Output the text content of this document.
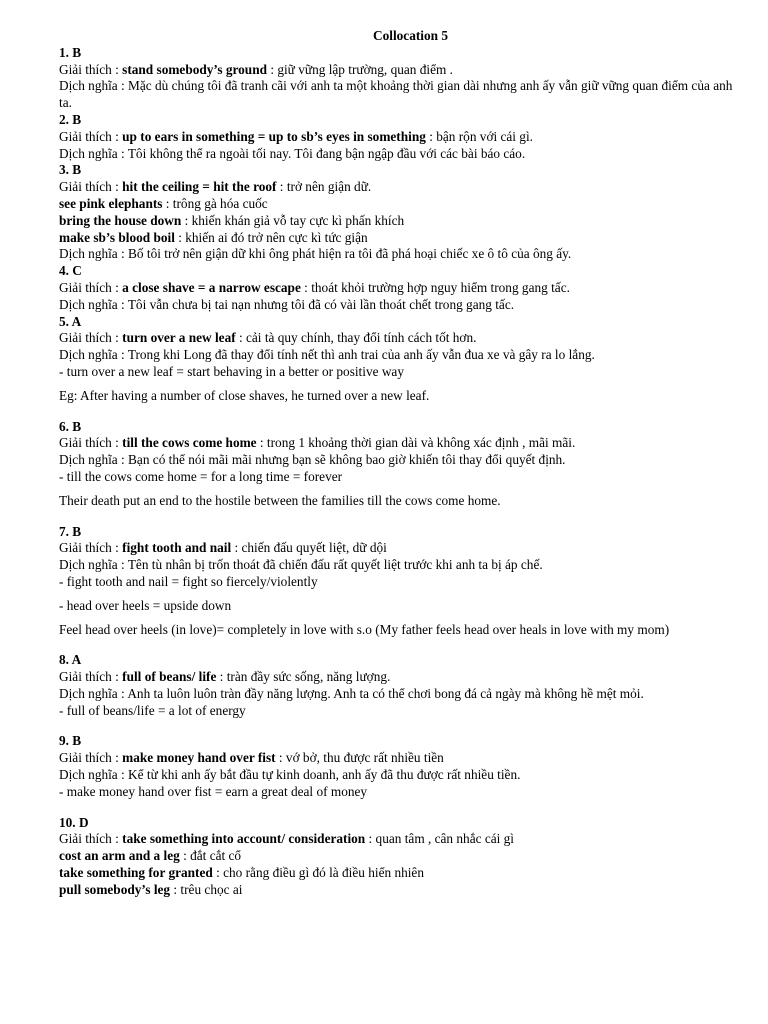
Collocation 5
1. B
Giải thích : stand somebody’s ground : giữ vững lập trường, quan điểm .
Dịch nghĩa : Mặc dù chúng tôi đã tranh cãi với anh ta một khoảng thời gian dài nhưng anh ấy vẫn giữ vững quan điểm của anh ta.
2. B
Giải thích : up to ears in something = up to sb’s eyes in something : bận rộn với cái gì.
Dịch nghĩa : Tôi không thể ra ngoài tối nay. Tôi đang bận ngập đầu với các bài báo cáo.
3. B
Giải thích : hit the ceiling = hit the roof : trở nên giận dữ.
see pink elephants : trông gà hóa cuốc
bring the house down : khiến khán giả vỗ tay cực kì phấn khích
make sb’s blood boil : khiến ai đó trở nên cực kì tức giận
Dịch nghĩa : Bố tôi trở nên giận dữ khi ông phát hiện ra tôi đã phá hoại chiếc xe ô tô của ông ấy.
4. C
Giải thích : a close shave = a narrow escape : thoát khỏi trường hợp nguy hiểm trong gang tấc.
Dịch nghĩa : Tôi vẫn chưa bị tai nạn nhưng tôi đã có vài lần thoát chết trong gang tấc.
5. A
Giải thích : turn over a new leaf : cải tà quy chính, thay đổi tính cách tốt hơn.
Dịch nghĩa : Trong khi Long đã thay đổi tính nết thì anh trai của anh ấy vẫn đua xe và gây ra lo lắng.
- turn over a new leaf = start behaving in a better or positive way
Eg: After having a number of close shaves, he turned over a new leaf.
6. B
Giải thích : till the cows come home : trong 1 khoảng thời gian dài và không xác định , mãi mãi.
Dịch nghĩa : Bạn có thể nói mãi mãi nhưng bạn sẽ không bao giờ khiến tôi thay đổi quyết định.
- till the cows come home = for a long time = forever
Their death put an end to the hostile between the families till the cows come home.
7. B
Giải thích : fight tooth and nail : chiến đấu quyết liệt, dữ dội
Dịch nghĩa : Tên tù nhân bị trốn thoát đã chiến đấu rất quyết liệt trước khi anh ta bị áp chế.
- fight tooth and nail = fight so fiercely/violently
- head over heels = upside down
Feel head over heels (in love)= completely in love with s.o (My father feels head over heals in love with my mom)
8. A
Giải thích : full of beans/ life : tràn đầy sức sống, năng lượng.
Dịch nghĩa : Anh ta luôn luôn tràn đầy năng lượng. Anh ta có thể chơi bong đá cả ngày mà không hề mệt mỏi.
- full of beans/life = a lot of energy
9. B
Giải thích : make money hand over fist : vớ bở, thu được rất nhiều tiền
Dịch nghĩa : Kể từ khi anh ấy bắt đầu tự kinh doanh, anh ấy đã thu được rất nhiều tiền.
- make money hand over fist = earn a great deal of money
10. D
Giải thích : take something into account/ consideration : quan tâm , cân nhắc cái gì
cost an arm and a leg : đắt cắt cổ
take something for granted : cho rằng điều gì đó là điều hiển nhiên
pull somebody’s leg : trêu chọc ai
